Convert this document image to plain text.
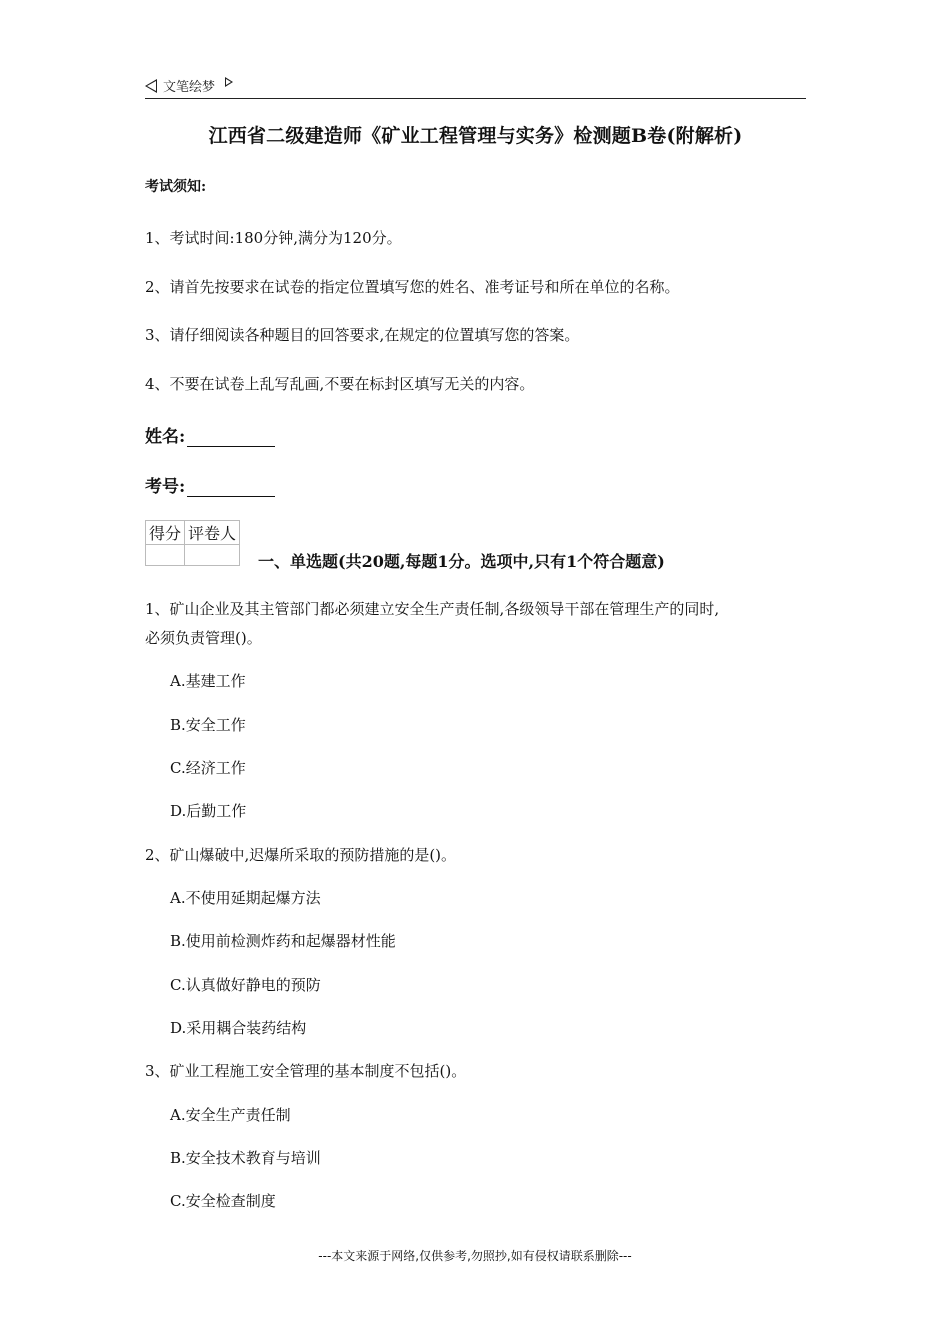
文笔绘梦
江西省二级建造师《矿业工程管理与实务》检测题B卷(附解析)
考试须知:
1、考试时间:180分钟,满分为120分。
2、请首先按要求在试卷的指定位置填写您的姓名、准考证号和所在单位的名称。
3、请仔细阅读各种题目的回答要求,在规定的位置填写您的答案。
4、不要在试卷上乱写乱画,不要在标封区填写无关的内容。
姓名:
考号:
得分	评卷人

一、单选题(共20题,每题1分。选项中,只有1个符合题意)
1、矿山企业及其主管部门都必须建立安全生产责任制,各级领导干部在管理生产的同时,
必须负责管理()。
A.基建工作
B.安全工作
C.经济工作
D.后勤工作
2、矿山爆破中,迟爆所采取的预防措施的是()。
A.不使用延期起爆方法
B.使用前检测炸药和起爆器材性能
C.认真做好静电的预防
D.采用耦合装药结构
3、矿业工程施工安全管理的基本制度不包括()。
A.安全生产责任制
B.安全技术教育与培训
C.安全检查制度
---本文来源于网络,仅供参考,勿照抄,如有侵权请联系删除---
